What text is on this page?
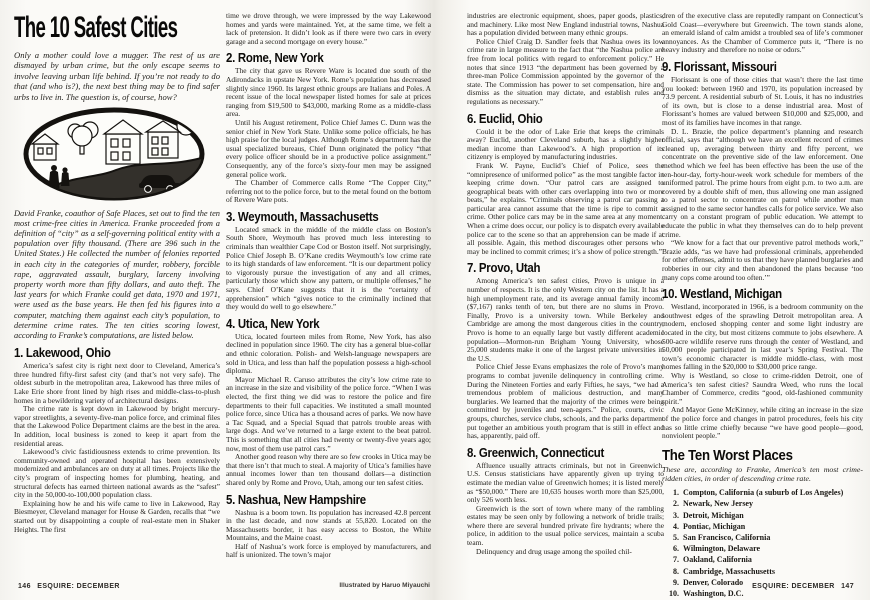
The 10 Safest Cities

Only a mother could love a mugger. The rest of us are dismayed by urban crime, but the only escape seems to involve leaving urban life behind. If you’re not ready to do that (and who is?), the next best thing may be to find safer urbs to live in. The question is, of course, how?

David Franke, coauthor of Safe Places, set out to find the ten most crime-free cities in America. Franke proceeded from a definition of “city” as a self-governing political entity with a population over fifty thousand. (There are 396 such in the United States.) He collected the number of felonies reported in each city in the categories of murder, robbery, forcible rape, aggravated assault, burglary, larceny involving property worth more than fifty dollars, and auto theft. The last years for which Franke could get data, 1970 and 1971, were used as the base years. He then fed his figures into a computer, matching them against each city’s population, to determine crime rates. The ten cities scoring lowest, according to Franke’s computations, are listed below.

1. Lakewood, Ohio

America’s safest city is right next door to Cleveland, America’s three hundred fifty-first safest city (and that’s not very safe). The oldest suburb in the metropolitan area, Lakewood has three miles of Lake Erie shore front lined by high rises and middle-class-to-plush homes in a bewildering variety of architectural designs.

The crime rate is kept down in Lakewood by bright mercury-vapor streetlights, a seventy-five-man police force, and criminal files that the Lakewood Police Department claims are the best in the area. In addition, local business is zoned to keep it apart from the residential areas.

Lakewood’s civic fastidiousness extends to crime prevention. Its community-owned and operated hospital has been extensively modernized and ambulances are on duty at all times. Projects like the city’s program of inspecting homes for plumbing, heating, and structural defects has earned thirteen national awards as the “safest” city in the 50,000-to-100,000 population class.

Explaining how he and his wife came to live in Lakewood, Ray Biesmeyer, Cleveland manager for House & Garden, recalls that “we started out by disappointing a couple of real-estate men in Shaker Heights. The first

time we drove through, we were impressed by the way Lakewood homes and yards were maintained. Yet, at the same time, we felt a lack of pretension. It didn’t look as if there were two cars in every garage and a second mortgage on every house.”

2. Rome, New York

The city that gave us Revere Ware is located due south of the Adirondacks in upstate New York. Rome’s population has decreased slightly since 1960. Its largest ethnic groups are Italians and Poles. A recent issue of the local newspaper listed homes for sale at prices ranging from $19,500 to $43,000, marking Rome as a middle-class area.

Until his August retirement, Police Chief James C. Dunn was the senior chief in New York State. Unlike some police officials, he has high praise for the local judges. Although Rome’s department has the usual specialized bureaus, Chief Dunn originated the policy “that every police officer should be in a productive police assignment.” Consequently, any of the force’s sixty-four men may be assigned general police work.

The Chamber of Commerce calls Rome “The Copper City,” referring not to the police force, but to the metal found on the bottom of Revere Ware pots.

3. Weymouth, Massachusetts

Located smack in the middle of the middle class on Boston’s South Shore, Weymouth has proved much less interesting to criminals than wealthier Cape Cod or Boston itself. Not surprisingly, Police Chief Joseph B. O’Kane credits Weymouth’s low crime rate to its high standards of law enforcement. “It is our department policy to vigorously pursue the investigation of any and all crimes, particularly those which show any pattern, or multiple offenses,” he says. Chief O’Kane suggests that it is the “certainty of apprehension” which “gives notice to the criminally inclined that they would do well to go elsewhere.”

4. Utica, New York

Utica, located fourteen miles from Rome, New York, has also declined in population since 1960. The city has a general blue-collar and ethnic coloration. Polish- and Welsh-language newspapers are sold in Utica, and less than half the population possess a high-school diploma.

Mayor Michael R. Caruso attributes the city’s low crime rate to an increase in the size and visibility of the police force. “When I was elected, the first thing we did was to restore the police and fire departments to their full capacities. We instituted a small mounted police force, since Utica has a thousand acres of parks. We now have a Tac Squad, and a Special Squad that patrols trouble areas with large dogs. And we’ve returned to a large extent to the beat patrol. This is something that all cities had twenty or twenty-five years ago; now, most of them use patrol cars.”

Another good reason why there are so few crooks in Utica may be that there isn’t that much to steal. A majority of Utica’s families have annual incomes lower than ten thousand dollars—a distinction shared only by Rome and Provo, Utah, among our ten safest cities.

5. Nashua, New Hampshire

Nashua is a boom town. Its population has increased 42.8 percent in the last decade, and now stands at 55,820. Located on the Massachusetts border, it has easy access to Boston, the White Mountains, and the Maine coast.

Half of Nashua’s work force is employed by manufacturers, and half is unionized. The town’s major

146 ESQUIRE: DECEMBER	Illustrated by Haruo Miyauchi

industries are electronic equipment, shoes, paper goods, plastics, and machinery. Like most New England industrial towns, Nashua has a population divided between many ethnic groups.

Police Chief Craig D. Sandler feels that Nashua owes its low crime rate in large measure to the fact that “the Nashua police are free from local politics with regard to enforcement policy.” He notes that since 1913 “the department has been governed by a three-man Police Commission appointed by the governor of the state. The Commission has power to set compensation, hire and dismiss as the situation may dictate, and establish rules and regulations as necessary.”

6. Euclid, Ohio

Could it be the odor of Lake Erie that keeps the criminals away? Euclid, another Cleveland suburb, has a slightly higher median income than Lakewood’s. A high proportion of its citizenry is employed by manufacturing industries.

Frank W. Payne, Euclid’s Chief of Police, sees the “omnipresence of uniformed police” as the most tangible factor in keeping crime down. “Our patrol cars are assigned to geographical beats with other cars overlapping into two or more beats,” he explains. “Criminals observing a patrol car passing a particular area cannot assume that the time is ripe to commit a crime. Other police cars may be in the same area at any moment. When a crime does occur, our policy is to dispatch every available police car to the scene so that an apprehension can be made if at all possible. Again, this method discourages other persons who may be inclined to commit crimes; it’s a show of police strength.”

7. Provo, Utah

Among America’s ten safest cities, Provo is unique in a number of respects. It is the only Western city on the list. It has a high unemployment rate, and its average annual family income ($7,167) ranks tenth of ten, but there are no slums in Provo. Finally, Provo is a university town. While Berkeley and Cambridge are among the most dangerous cities in the country, Provo is home to an equally large but vastly different academic population—Mormon-run Brigham Young University, whose 25,000 students make it one of the largest private universities in the U.S.

Police Chief Jesse Evans emphasizes the role of Provo’s many programs to combat juvenile delinquency in controlling crime. During the Nineteen Forties and early Fifties, he says, “we had a tremendous problem of malicious destruction, and many burglaries. We learned that the majority of the crimes were being committed by juveniles and teen-agers.” Police, courts, civic groups, churches, service clubs, schools, and the parks department put together an ambitious youth program that is still in effect and has, apparently, paid off.

8. Greenwich, Connecticut

Affluence usually attracts criminals, but not in Greenwich. U.S. Census statisticians have apparently given up trying to estimate the median value of Greenwich homes; it is listed merely as “$50,000.” There are 10,635 houses worth more than $25,000, only 526 worth less.

Greenwich is the sort of town where many of the rambling estates may be seen only by following a network of bridle trails; where there are several hundred private fire hydrants; where the police, in addition to the usual police services, maintain a scuba team.

Delinquency and drug usage among the spoiled chil-

dren of the executive class are reputedly rampant on Connecticut’s Gold Coast—everywhere but Greenwich. The town stands alone, an emerald island of calm amidst a troubled sea of life’s commoner annoyances. As the Chamber of Commerce puts it, “There is no heavy industry and therefore no noise or odors.”

9. Florissant, Missouri

Florissant is one of those cities that wasn’t there the last time you looked: between 1960 and 1970, its population increased by 73.9 percent. A residential suburb of St. Louis, it has no industries of its own, but is close to a dense industrial area. Most of Florissant’s homes are valued between $10,000 and $25,000, and most of its families have incomes in that range.

D. L. Brazie, the police department’s planning and research official, says that “although we have an excellent record of crimes cleaned up, averaging between thirty and fifty percent, we concentrate on the preventive side of the law enforcement. One method which we feel has been effective has been the use of the ten-hour-day, forty-hour-week work schedule for members of the uniformed patrol. The prime hours from eight p.m. to two a.m. are covered by a double shift of men, thus allowing one man assigned to a patrol sector to concentrate on patrol while another man assigned to the same sector handles calls for police service. We also carry on a constant program of public education. We attempt to educate the public in what they themselves can do to help prevent crime.

“We know for a fact that our preventive patrol methods work,” Brazie adds, “as we have had professional criminals, apprehended for other offenses, admit to us that they have planned burglaries and robberies in our city and then abandoned the plans because ‘too many cops come around too often.’”

10. Westland, Michigan

Westland, incorporated in 1966, is a bedroom community on the southwest edges of the sprawling Detroit metropolitan area. A modern, enclosed shopping center and some light industry are located in the city, but most citizens commute to jobs elsewhere. A 500-acre wildlife reserve runs through the center of Westland, and 50,000 people participated in last year’s Spring Festival. The town’s economic character is middle middle-class, with most homes falling in the $20,000 to $30,000 price range.

Why is Westland, so close to crime-ridden Detroit, one of America’s ten safest cities? Saundra Weed, who runs the local Chamber of Commerce, credits “good, old-fashioned community spirit.”

And Mayor Gene McKinney, while citing an increase in the size of the police force and changes in patrol procedures, feels his city has so little crime chiefly because “we have good people—good, nonviolent people.”

The Ten Worst Places

These are, according to Franke, America’s ten most crime-ridden cities, in order of descending crime rate.

1. Compton, California (a suburb of Los Angeles)
2. Newark, New Jersey
3. Detroit, Michigan
4. Pontiac, Michigan
5. San Francisco, California
6. Wilmington, Delaware
7. Oakland, California
8. Cambridge, Massachusetts
9. Denver, Colorado
10. Washington, D.C.
ESQUIRE: DECEMBER 147
